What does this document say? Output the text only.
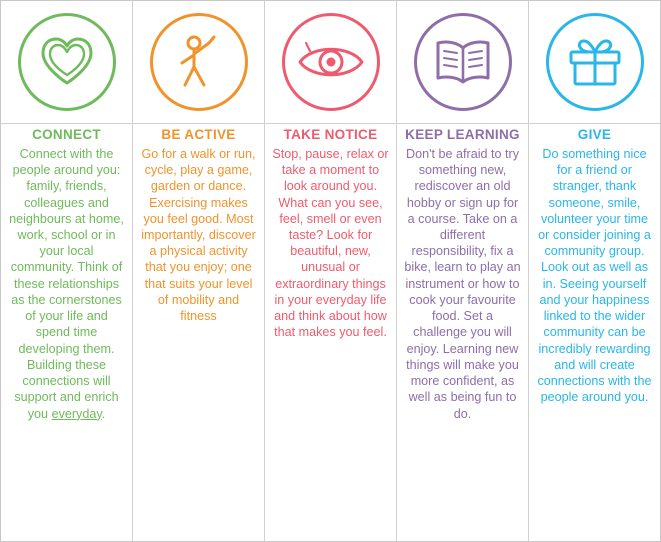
CONNECT
Connect with the people around you: family, friends, colleagues and neighbours at home, work, school or in your local community. Think of these relationships as the cornerstones of your life and spend time developing them. Building these connections will support and enrich you everyday.
BE ACTIVE
Go for a walk or run, cycle, play a game, garden or dance. Exercising makes you feel good. Most importantly, discover a physical activity that you enjoy; one that suits your level of mobility and fitness
TAKE NOTICE
Stop, pause, relax or take a moment to look around you. What can you see, feel, smell or even taste? Look for beautiful, new, unusual or extraordinary things in your everyday life and think about how that makes you feel.
KEEP LEARNING
Don't be afraid to try something new, rediscover an old hobby or sign up for a course. Take on a different responsibility, fix a bike, learn to play an instrument or how to cook your favourite food. Set a challenge you will enjoy. Learning new things will make you more confident, as well as being fun to do.
GIVE
Do something nice for a friend or stranger, thank someone, smile, volunteer your time or consider joining a community group. Look out as well as in. Seeing yourself and your happiness linked to the wider community can be incredibly rewarding and will create connections with the people around you.
